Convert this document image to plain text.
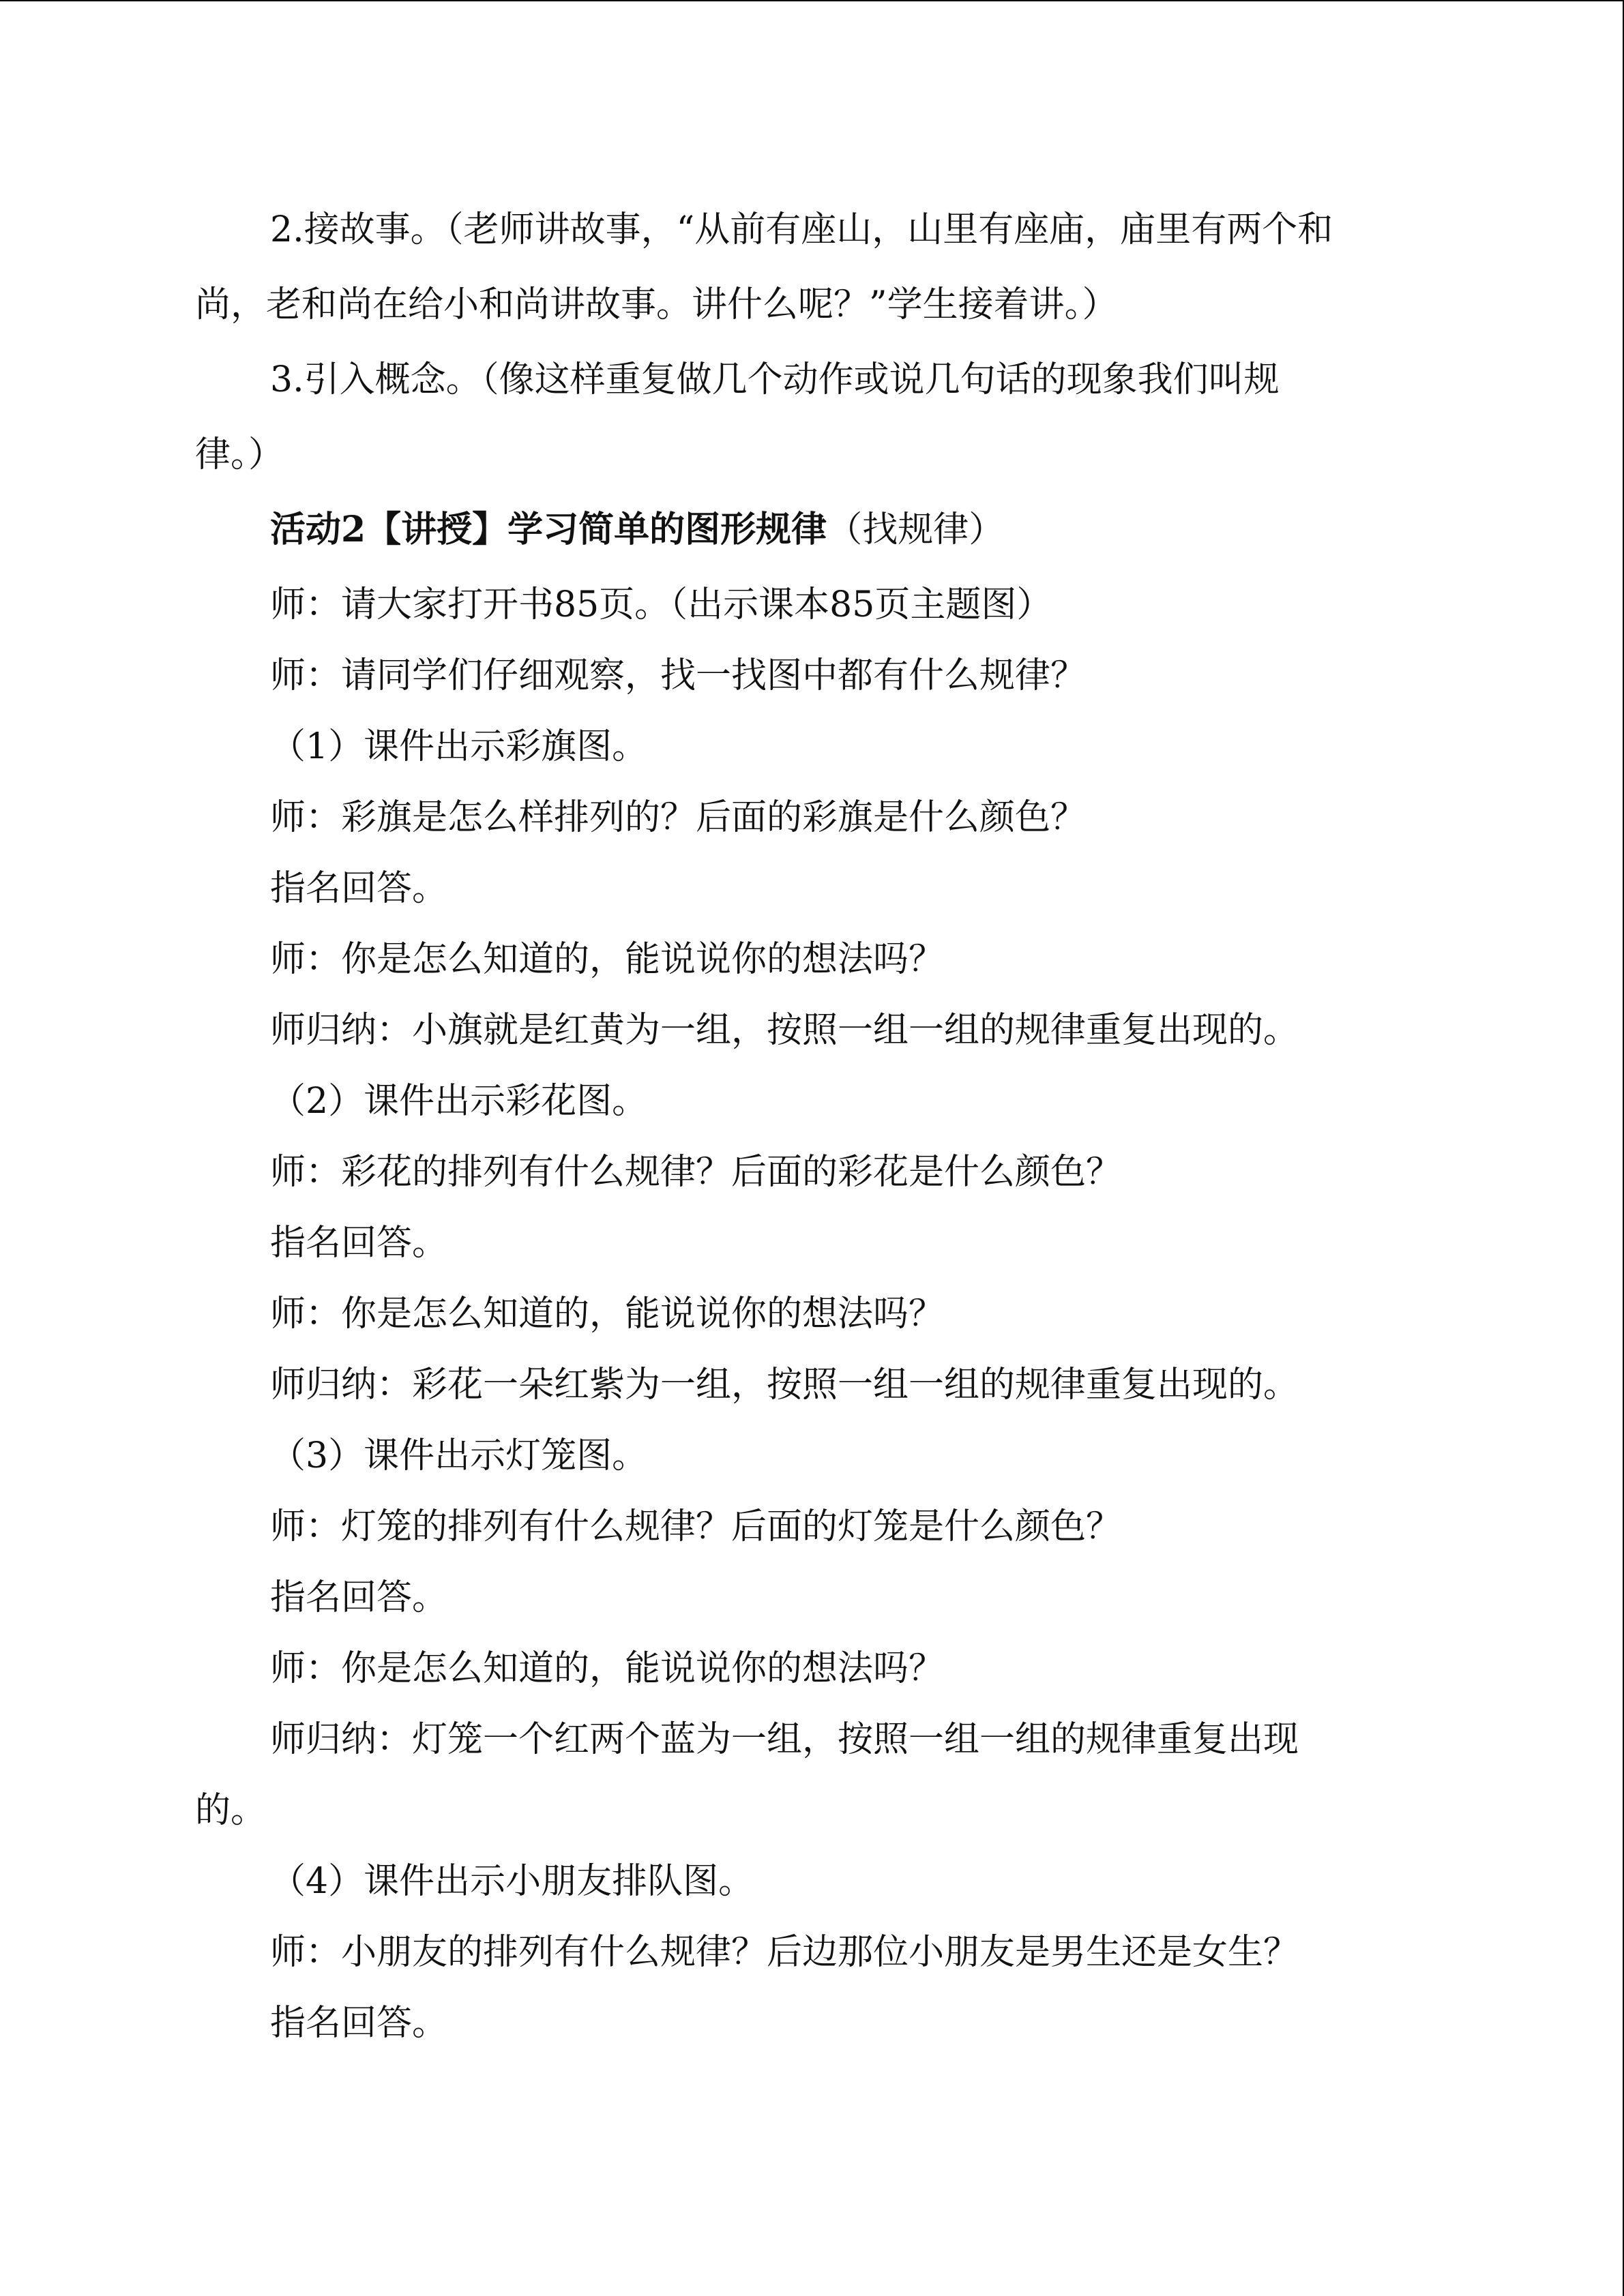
2.接故事。（老师讲故事，“从前有座山，山里有座庙，庙里有两个和
尚，老和尚在给小和尚讲故事。讲什么呢？”学生接着讲。）
3.引入概念。（像这样重复做几个动作或说几句话的现象我们叫规
律。）
活动2【讲授】学习简单的图形规律（找规律）
师：请大家打开书85页。（出示课本85页主题图）
师：请同学们仔细观察，找一找图中都有什么规律？
（1）课件出示彩旗图。
师：彩旗是怎么样排列的？后面的彩旗是什么颜色？
指名回答。
师：你是怎么知道的，能说说你的想法吗？
师归纳：小旗就是红黄为一组，按照一组一组的规律重复出现的。
（2）课件出示彩花图。
师：彩花的排列有什么规律？后面的彩花是什么颜色？
指名回答。
师：你是怎么知道的，能说说你的想法吗？
师归纳：彩花一朵红紫为一组，按照一组一组的规律重复出现的。
（3）课件出示灯笼图。
师：灯笼的排列有什么规律？后面的灯笼是什么颜色？
指名回答。
师：你是怎么知道的，能说说你的想法吗？
师归纳：灯笼一个红两个蓝为一组，按照一组一组的规律重复出现
的。
（4）课件出示小朋友排队图。
师：小朋友的排列有什么规律？后边那位小朋友是男生还是女生？
指名回答。
